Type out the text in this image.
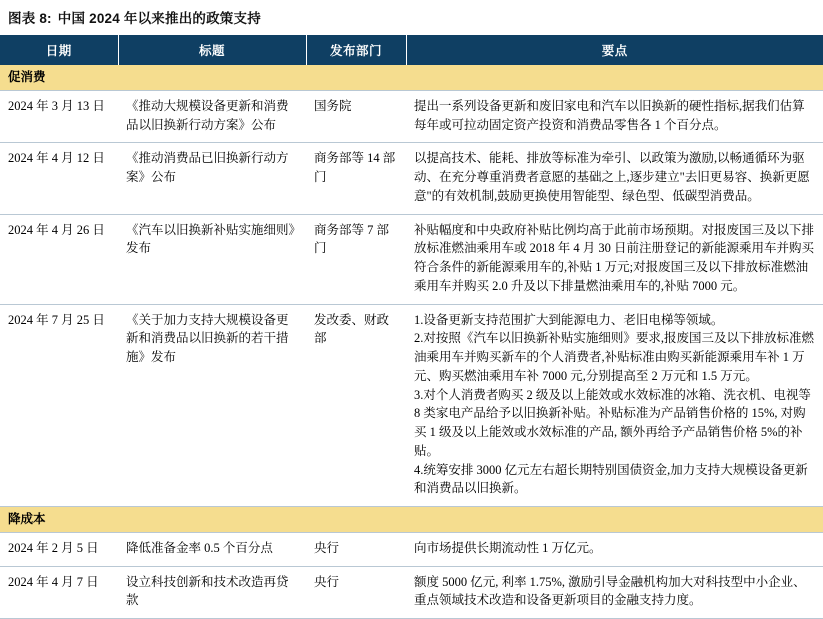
图表 8: 中国 2024 年以来推出的政策支持
日期	标题	发布部门	要点
促消费			
2024 年 3 月 13 日	《推动大规模设备更新和消费品以旧换新行动方案》公布	国务院	提出一系列设备更新和废旧家电和汽车以旧换新的硬性指标,据我们估算每年或可拉动固定资产投资和消费品零售各 1 个百分点。

2024 年 4 月 12 日	《推动消费品已旧换新行动方案》公布	商务部等 14 部门	以提高技术、能耗、排放等标准为牵引、以政策为激励,以畅通循环为驱动、在充分尊重消费者意愿的基础之上,逐步建立"去旧更易容、换新更愿意"的有效机制,鼓励更换使用智能型、绿色型、低碳型消费品。

2024 年 4 月 26 日	《汽车以旧换新补贴实施细则》发布	商务部等 7 部门	补贴幅度和中央政府补贴比例均高于此前市场预期。对报废国三及以下排放标准燃油乘用车或 2018 年 4 月 30 日前注册登记的新能源乘用车并购买符合条件的新能源乘用车的,补贴 1 万元;对报废国三及以下排放标准燃油乘用车并购买 2.0 升及以下排量燃油乘用车的,补贴 7000 元。

2024 年 7 月 25 日	《关于加力支持大规模设备更新和消费品以旧换新的若干措施》发布	发改委、财政部	1.设备更新支持范围扩大到能源电力、老旧电梯等领域。
2.对按照《汽车以旧换新补贴实施细则》要求,报废国三及以下排放标准燃油乘用车并购买新车的个人消费者,补贴标准由购买新能源乘用车补 1 万元、购买燃油乘用车补 7000 元,分别提高至 2 万元和 1.5 万元。
3.对个人消费者购买 2 级及以上能效或水效标准的冰箱、洗衣机、电视等 8 类家电产品给予以旧换新补贴。补贴标准为产品销售价格的 15%, 对购买 1 级及以上能效或水效标准的产品, 额外再给予产品销售价格 5%的补贴。
4.统筹安排 3000 亿元左右超长期特别国债资金,加力支持大规模设备更新和消费品以旧换新。

降成本			
2024 年 2 月 5 日	降低准备金率 0.5 个百分点	央行	向市场提供长期流动性 1 万亿元。

2024 年 4 月 7 日	设立科技创新和技术改造再贷款	央行	额度 5000 亿元, 利率 1.75%, 激励引导金融机构加大对科技型中小企业、重点领域技术改造和设备更新项目的金融支持力度。
